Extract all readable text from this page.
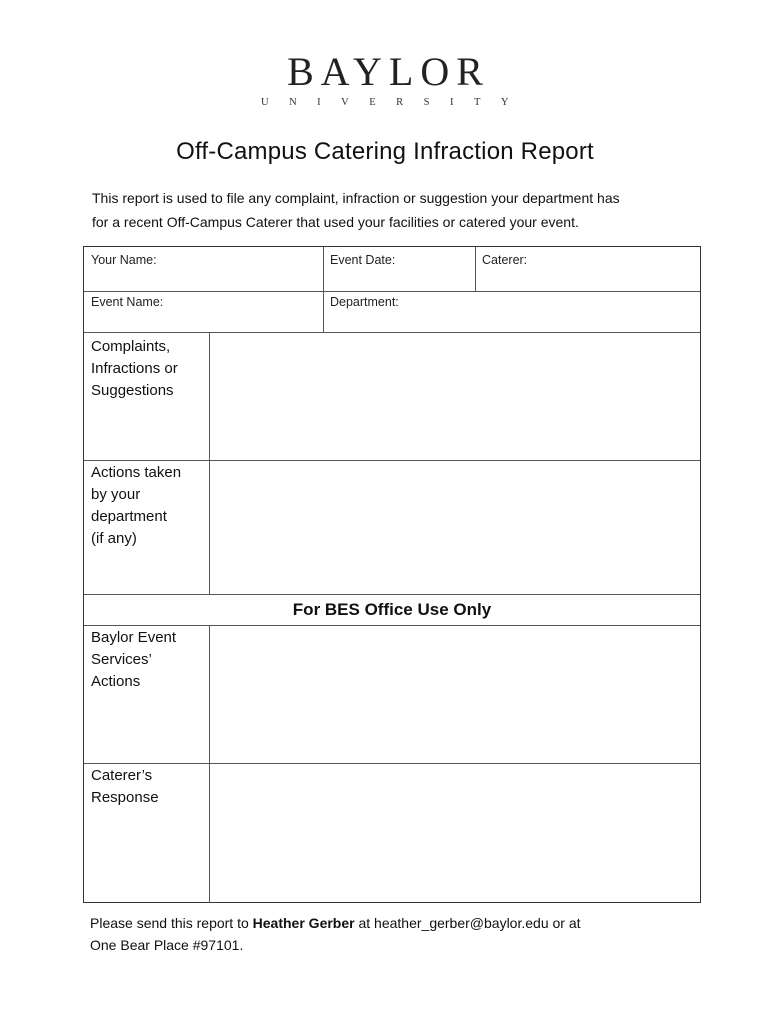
BAYLOR
UNIVERSITY
Off-Campus Catering Infraction Report
This report is used to file any complaint, infraction or suggestion your department has
for a recent Off-Campus Caterer that used your facilities or catered your event.
Your Name:	Event Date:	Caterer:
Event Name:	Department:
Complaints,
Infractions or
Suggestions
Actions taken
by your
department
(if any)
For BES Office Use Only
Baylor Event
Services’
Actions
Caterer’s
Response
Please send this report to Heather Gerber at heather_gerber@baylor.edu or at
One Bear Place #97101.
